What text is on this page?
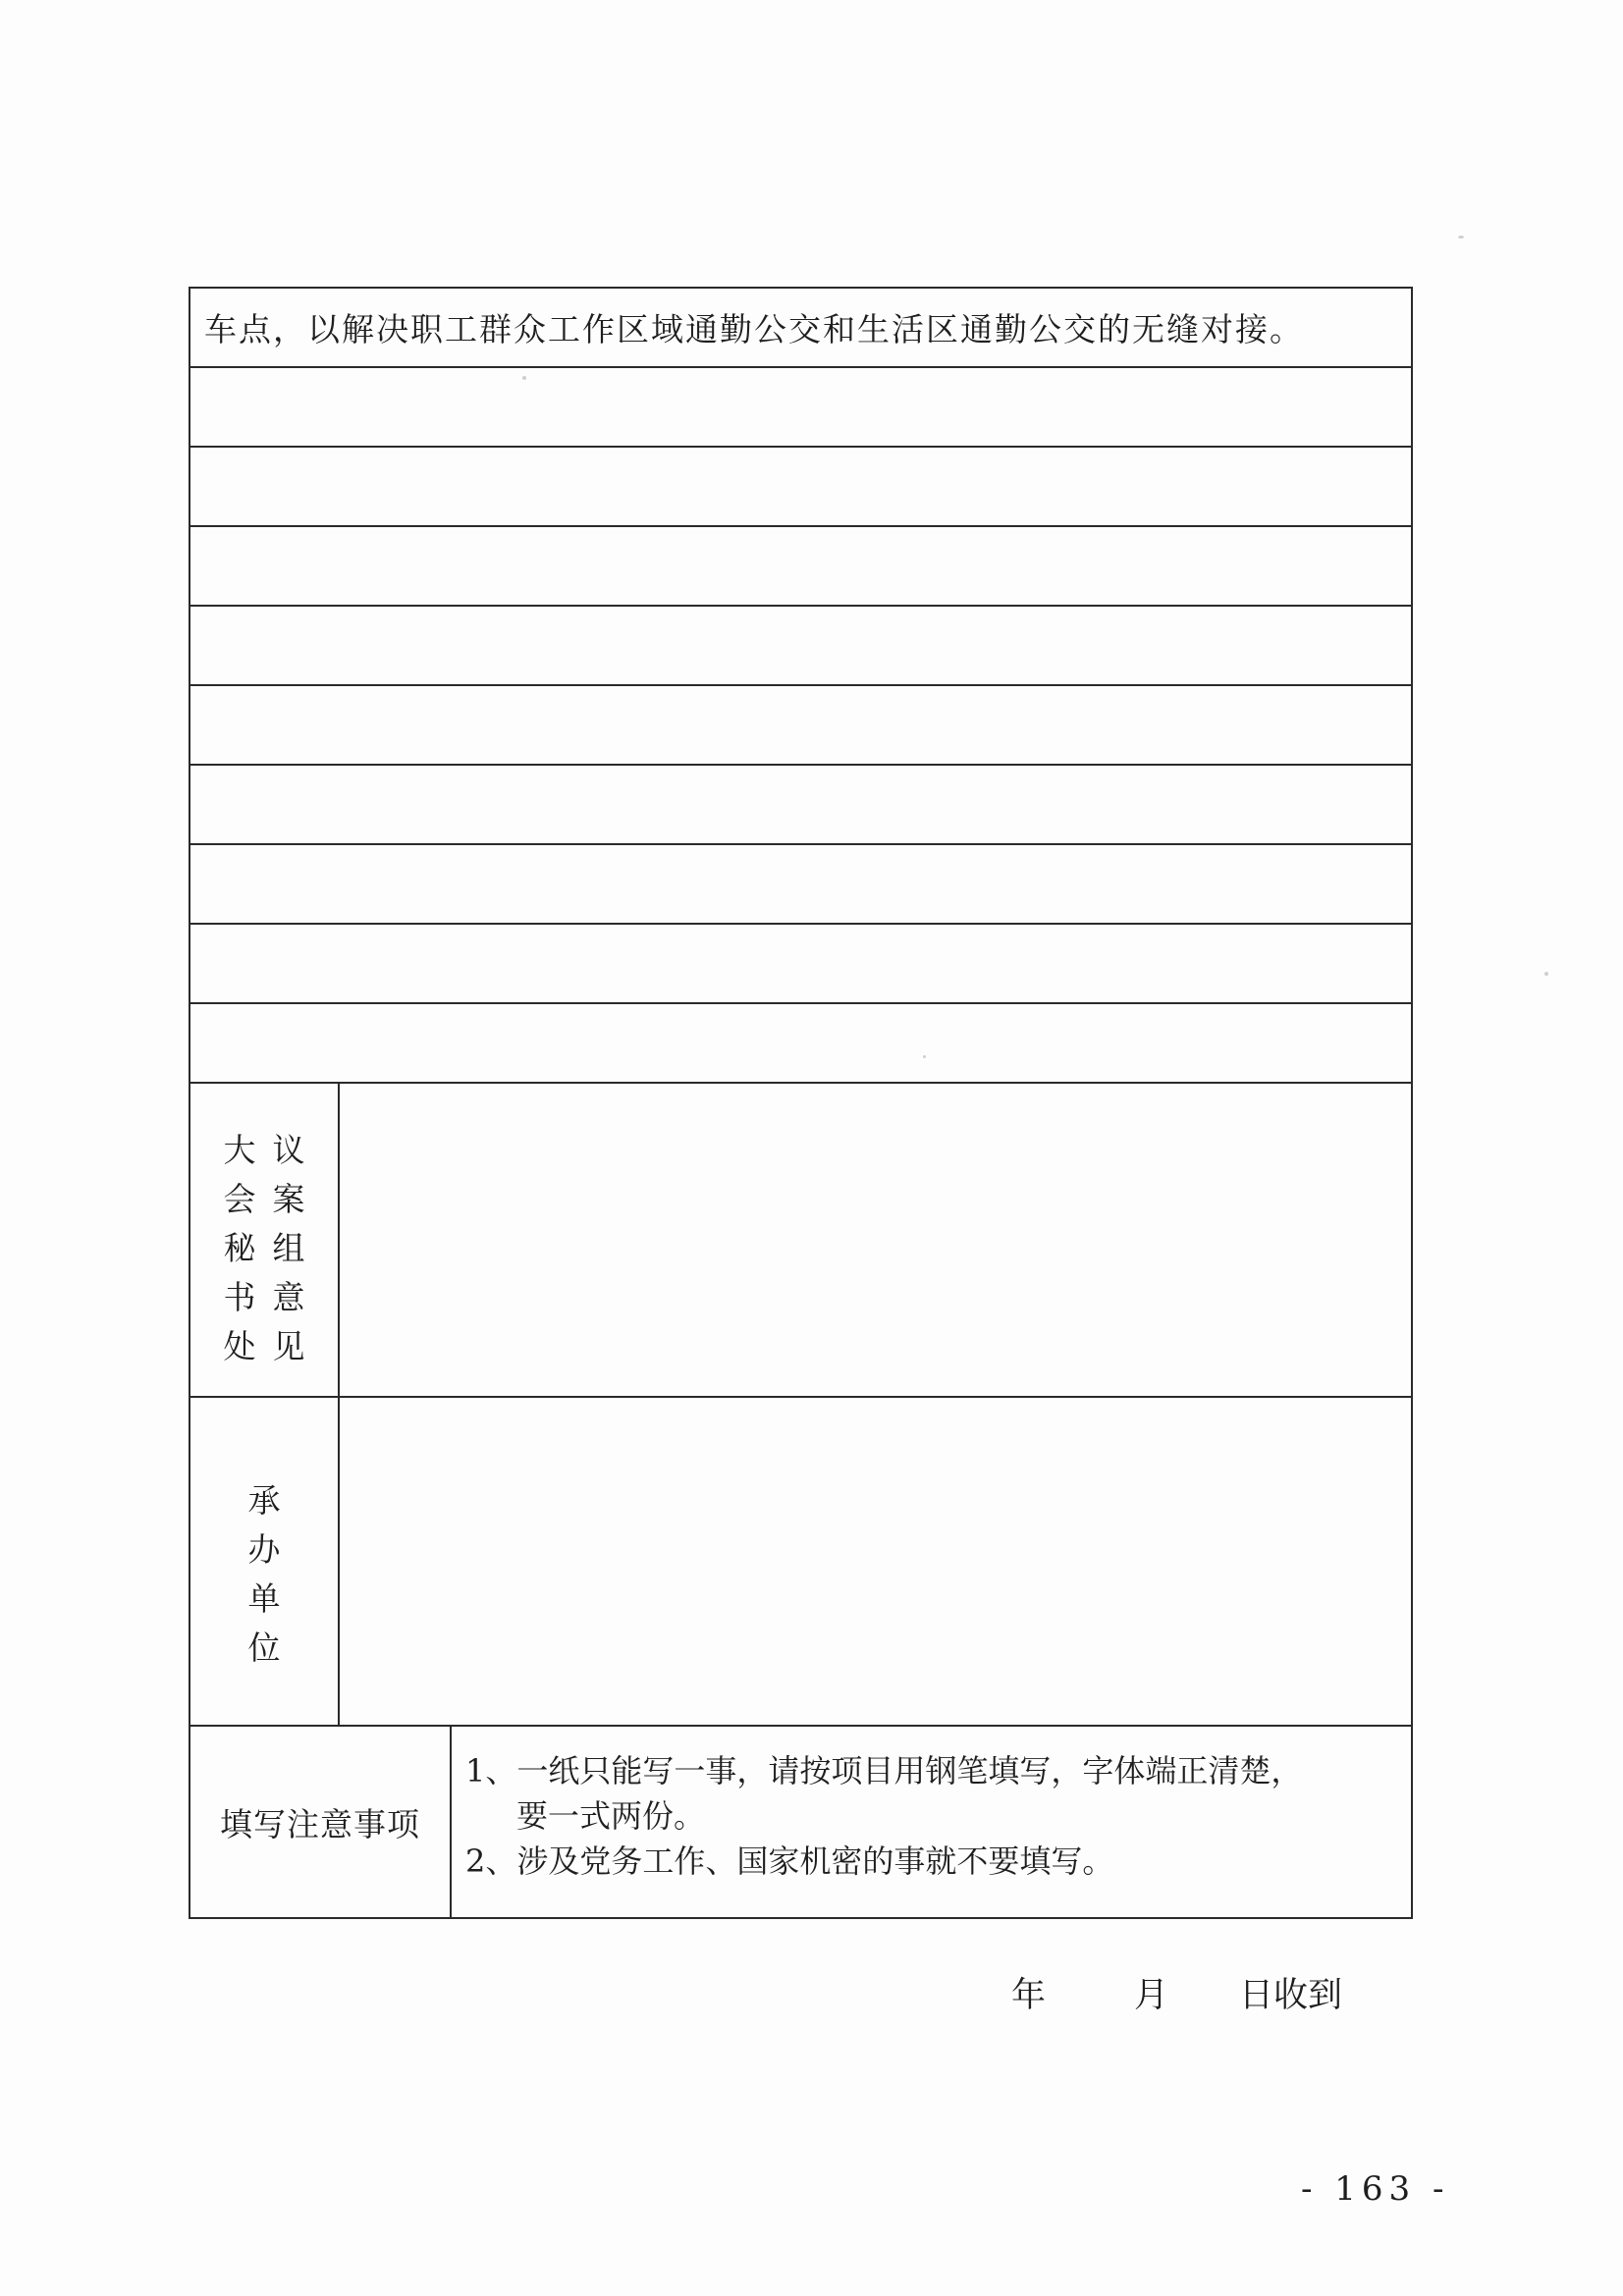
车点，以解决职工群众工作区域通勤公交和生活区通勤公交的无缝对接。
议
案
组
意
见
大
会
秘
书
处
承
办
单
位
填写注意事项
1、 一纸只能写一事，请按项目用钢笔填写，字体端正清楚，
要一式两份。
2、 涉及党务工作、国家机密的事就不要填写。
年	月	日收到
- 163 -
